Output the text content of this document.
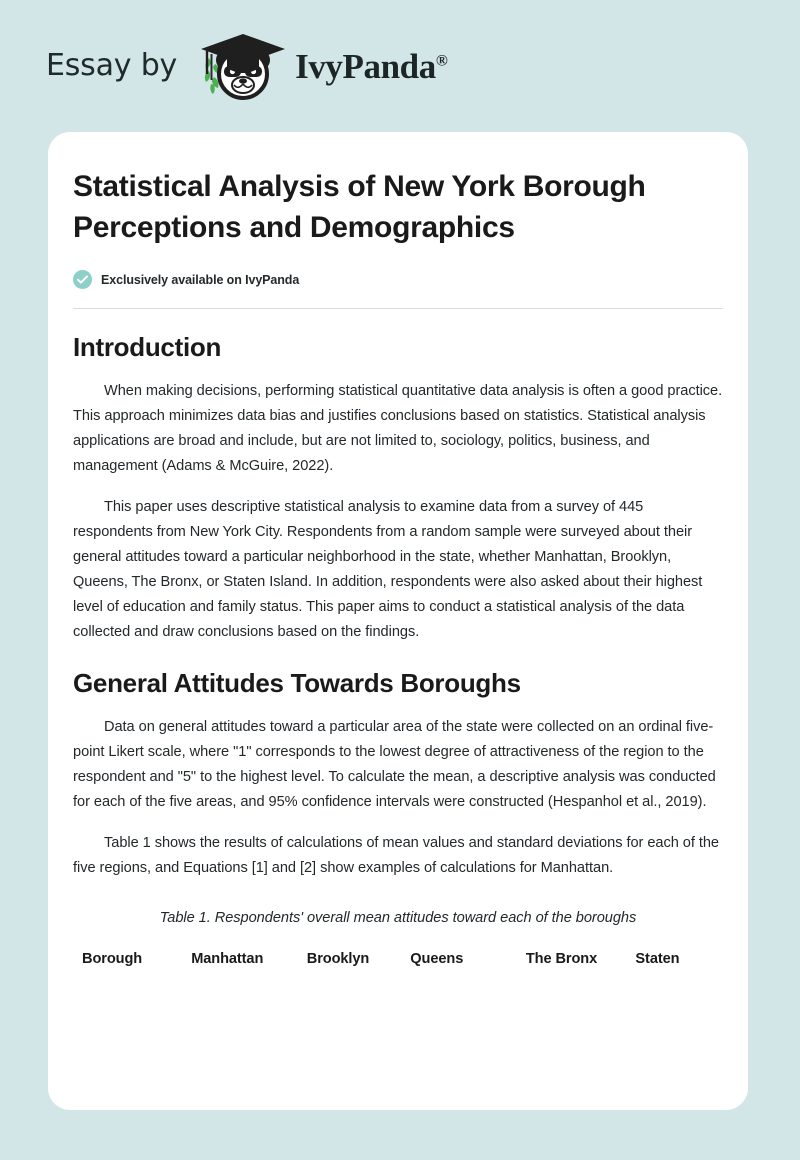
Essay by	IvyPanda®
Statistical Analysis of New York Borough Perceptions and Demographics
Exclusively available on IvyPanda
Introduction

When making decisions, performing statistical quantitative data analysis is often a good practice. This approach minimizes data bias and justifies conclusions based on statistics. Statistical analysis applications are broad and include, but are not limited to, sociology, politics, business, and management (Adams & McGuire, 2022).

This paper uses descriptive statistical analysis to examine data from a survey of 445 respondents from New York City. Respondents from a random sample were surveyed about their general attitudes toward a particular neighborhood in the state, whether Manhattan, Brooklyn, Queens, The Bronx, or Staten Island. In addition, respondents were also asked about their highest level of education and family status. This paper aims to conduct a statistical analysis of the data collected and draw conclusions based on the findings.

General Attitudes Towards Boroughs

Data on general attitudes toward a particular area of the state were collected on an ordinal five-point Likert scale, where "1" corresponds to the lowest degree of attractiveness of the region to the respondent and "5" to the highest level. To calculate the mean, a descriptive analysis was conducted for each of the five areas, and 95% confidence intervals were constructed (Hespanhol et al., 2019).

Table 1 shows the results of calculations of mean values and standard deviations for each of the five regions, and Equations [1] and [2] show examples of calculations for Manhattan.

Table 1. Respondents' overall mean attitudes toward each of the boroughs

Borough	Manhattan	Brooklyn	Queens	The Bronx	Staten
